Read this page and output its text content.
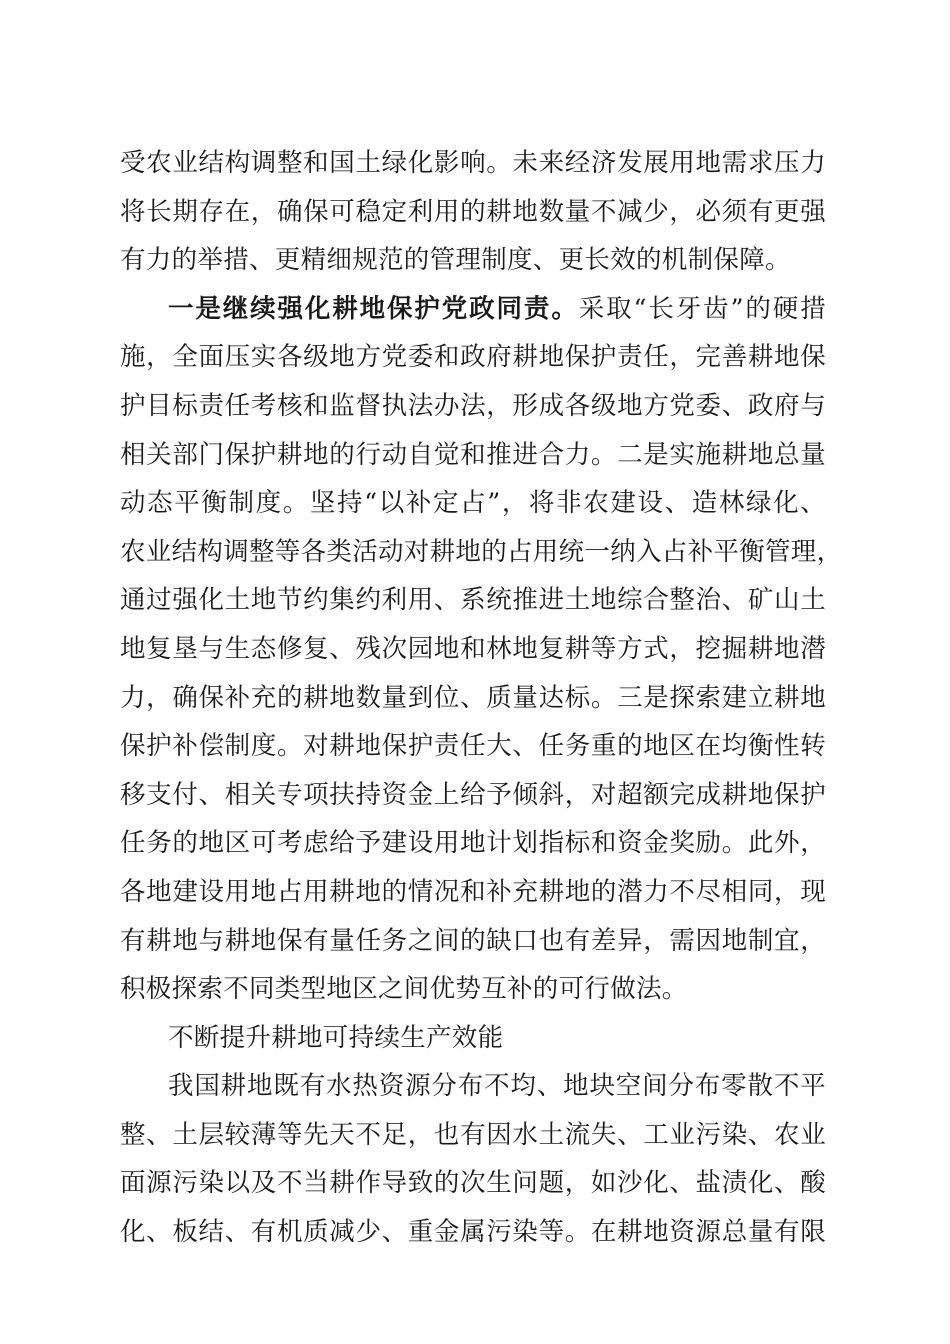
受农业结构调整和国土绿化影响。未来经济发展用地需求压力
将长期存在，确保可稳定利用的耕地数量不减少，必须有更强
有力的举措、更精细规范的管理制度、更长效的机制保障。
一是继续强化耕地保护党政同责。采取“长牙齿”的硬措
施，全面压实各级地方党委和政府耕地保护责任，完善耕地保
护目标责任考核和监督执法办法，形成各级地方党委、政府与
相关部门保护耕地的行动自觉和推进合力。二是实施耕地总量
动态平衡制度。坚持“以补定占”，将非农建设、造林绿化、
农业结构调整等各类活动对耕地的占用统一纳入占补平衡管理，
通过强化土地节约集约利用、系统推进土地综合整治、矿山土
地复垦与生态修复、残次园地和林地复耕等方式，挖掘耕地潜
力，确保补充的耕地数量到位、质量达标。三是探索建立耕地
保护补偿制度。对耕地保护责任大、任务重的地区在均衡性转
移支付、相关专项扶持资金上给予倾斜，对超额完成耕地保护
任务的地区可考虑给予建设用地计划指标和资金奖励。此外，
各地建设用地占用耕地的情况和补充耕地的潜力不尽相同，现
有耕地与耕地保有量任务之间的缺口也有差异，需因地制宜，
积极探索不同类型地区之间优势互补的可行做法。
不断提升耕地可持续生产效能
我国耕地既有水热资源分布不均、地块空间分布零散不平
整、土层较薄等先天不足，也有因水土流失、工业污染、农业
面源污染以及不当耕作导致的次生问题，如沙化、盐渍化、酸
化、板结、有机质减少、重金属污染等。在耕地资源总量有限
